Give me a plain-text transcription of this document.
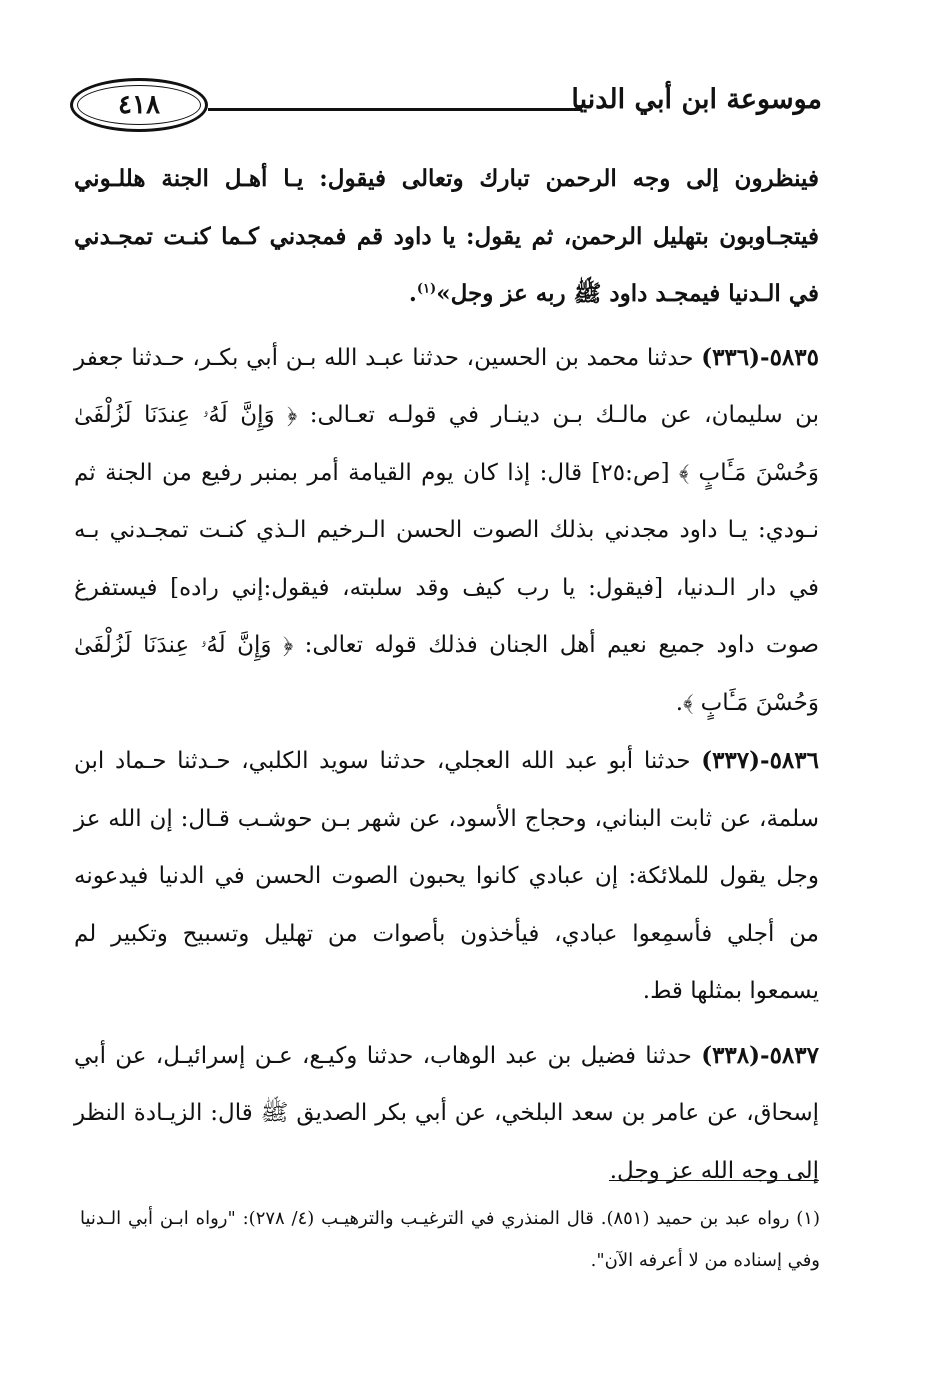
٤١٨	موسوعة ابن أبي الدنيا

فينظرون إلى وجه الرحمن تبارك وتعالى فيقول: يـا أهـل الجنة هللـوني فيتجـاوبون بتهليل الرحمن، ثم يقول: يا داود قم فمجدني كـما كنـت تمجـدني في الـدنيا فيمجـد داود ﷺ ربه عز وجل»$^{(١)}$.

٥٨٣٥-(٣٣٦) حدثنا محمد بن الحسين، حدثنا عبـد الله بـن أبي بكـر، حـدثنا جعفر بن سليمان، عن مالـك بـن دينـار في قولـه تعـالى: ﴿ وَإِنَّ لَهُۥ عِندَنَا لَزُلْفَىٰ وَحُسْنَ مَـَٔابٍ ﴾ [ص:٢٥] قال: إذا كان يوم القيامة أمر بمنبر رفيع من الجنة ثم نـودي: يـا داود مجدني بذلك الصوت الحسن الـرخيم الـذي كنـت تمجـدني بـه في دار الـدنيا، [فيقول: يا رب كيف وقد سلبته، فيقول:إني راده] فيستفرغ صوت داود جميع نعيم أهل الجنان فذلك قوله تعالى: ﴿ وَإِنَّ لَهُۥ عِندَنَا لَزُلْفَىٰ وَحُسْنَ مَـَٔابٍ ﴾.

٥٨٣٦-(٣٣٧) حدثنا أبو عبد الله العجلي، حدثنا سويد الكلبي، حـدثنا حـماد ابن سلمة، عن ثابت البناني، وحجاج الأسود، عن شهر بـن حوشـب قـال: إن الله عز وجل يقول للملائكة: إن عبادي كانوا يحبون الصوت الحسن في الدنيا فيدعونه من أجلي فأسمِعوا عبادي، فيأخذون بأصوات من تهليل وتسبيح وتكبير لم يسمعوا بمثلها قط.

٥٨٣٧-(٣٣٨) حدثنا فضيل بن عبد الوهاب، حدثنا وكيـع، عـن إسرائيـل، عن أبي إسحاق، عن عامر بن سعد البلخي، عن أبي بكر الصديق ﷺ قال: الزيـادة النظر إلى وجه الله عز وجل.

(١) رواه عبد بن حميد (٨٥١). قال المنذري في الترغيـب والترهيـب (٤/ ٢٧٨): "رواه ابـن أبي الـدنيا وفي إسناده من لا أعرفه الآن".
